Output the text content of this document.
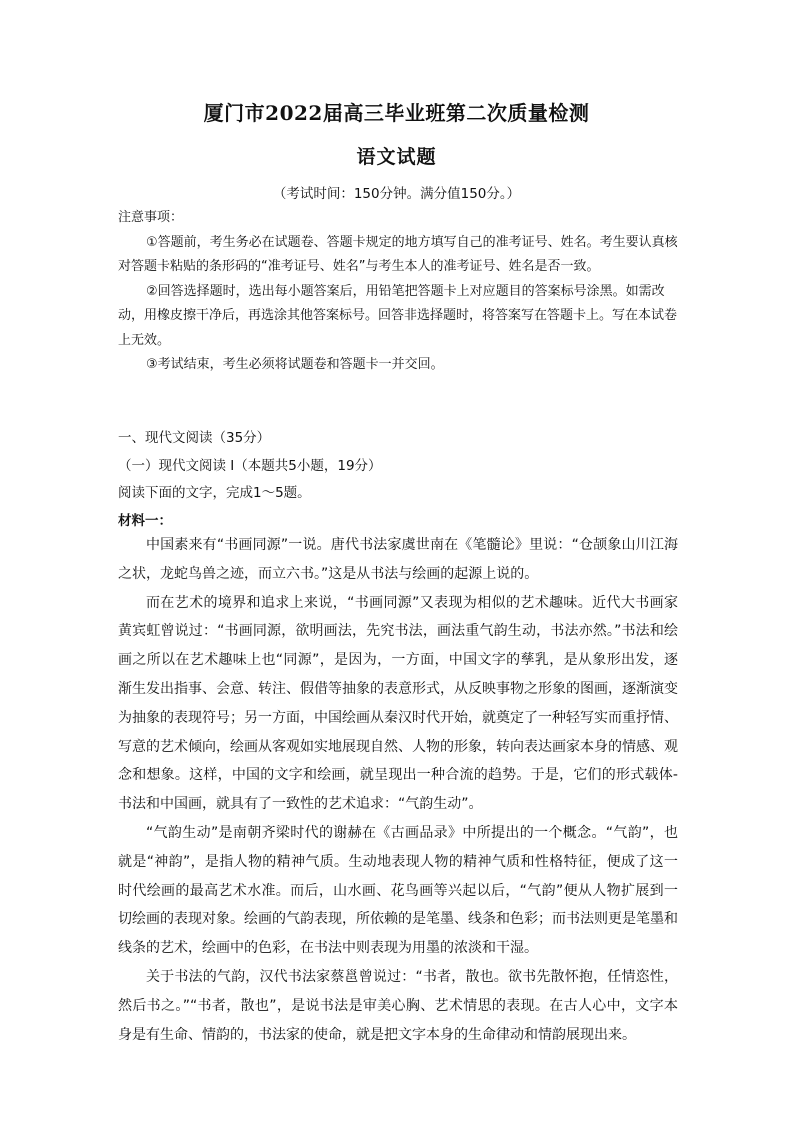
厦门市2022届高三毕业班第二次质量检测
语文试题
（考试时间：150分钟。满分值150分。）

注意事项：

①答题前，考生务必在试题卷、答题卡规定的地方填写自己的准考证号、姓名。考生要认真核对答题卡粘贴的条形码的“准考证号、姓名”与考生本人的准考证号、姓名是否一致。

②回答选择题时，选出每小题答案后，用铅笔把答题卡上对应题目的答案标号涂黑。如需改动，用橡皮擦干净后，再选涂其他答案标号。回答非选择题时，将答案写在答题卡上。写在本试卷上无效。

③考试结束，考生必须将试题卷和答题卡一并交回。

一、现代文阅读（35分）

（一）现代文阅读 I（本题共5小题，19分）

阅读下面的文字，完成1～5题。

材料一：

中国素来有“书画同源”一说。唐代书法家虞世南在《笔髓论》里说：“仓颉象山川江海之状，龙蛇鸟兽之迹，而立六书。”这是从书法与绘画的起源上说的。

而在艺术的境界和追求上来说，“书画同源”又表现为相似的艺术趣味。近代大书画家黄宾虹曾说过：“书画同源，欲明画法，先究书法，画法重气韵生动，书法亦然。”书法和绘画之所以在艺术趣味上也“同源”，是因为，一方面，中国文字的孳乳，是从象形出发，逐渐生发出指事、会意、转注、假借等抽象的表意形式，从反映事物之形象的图画，逐渐演变为抽象的表现符号；另一方面，中国绘画从秦汉时代开始，就奠定了一种轻写实而重抒情、写意的艺术倾向，绘画从客观如实地展现自然、人物的形象，转向表达画家本身的情感、观念和想象。这样，中国的文字和绘画，就呈现出一种合流的趋势。于是，它们的形式载体-书法和中国画，就具有了一致性的艺术追求：“气韵生动”。

“气韵生动”是南朝齐梁时代的谢赫在《古画品录》中所提出的一个概念。“气韵”，也就是“神韵”，是指人物的精神气质。生动地表现人物的精神气质和性格特征，便成了这一时代绘画的最高艺术水准。而后，山水画、花鸟画等兴起以后，“气韵”便从人物扩展到一切绘画的表现对象。绘画的气韵表现，所依赖的是笔墨、线条和色彩；而书法则更是笔墨和线条的艺术，绘画中的色彩，在书法中则表现为用墨的浓淡和干湿。

关于书法的气韵，汉代书法家蔡邕曾说过：“书者，散也。欲书先散怀抱，任情恣性，然后书之。”“书者，散也”，是说书法是审美心胸、艺术情思的表现。在古人心中，文字本身是有生命、情韵的，书法家的使命，就是把文字本身的生命律动和情韵展现出来。
